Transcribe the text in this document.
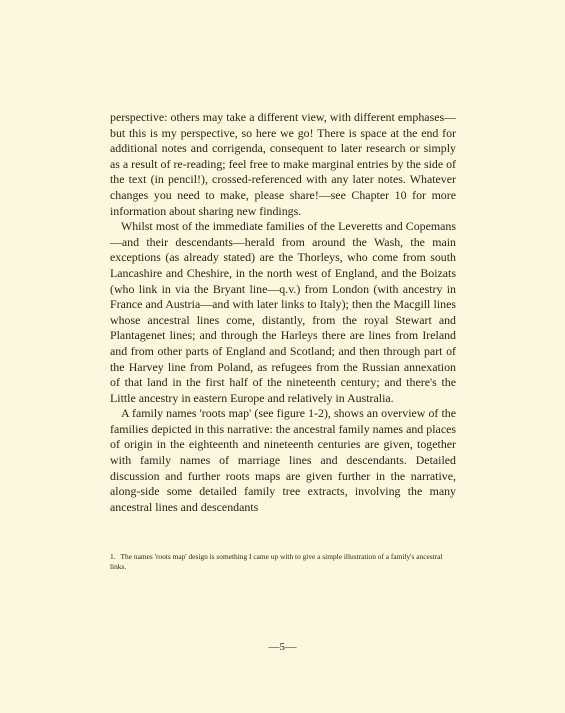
perspective: others may take a different view, with different emphases—but this is my perspective, so here we go! There is space at the end for additional notes and corrigenda, consequent to later research or simply as a result of re-reading; feel free to make marginal entries by the side of the text (in pencil!), crossed-referenced with any later notes. Whatever changes you need to make, please share!—see Chapter 10 for more information about sharing new findings.

Whilst most of the immediate families of the Leveretts and Copemans—and their descendants—herald from around the Wash, the main exceptions (as already stated) are the Thorleys, who come from south Lancashire and Cheshire, in the north west of England, and the Boizats (who link in via the Bryant line—q.v.) from London (with ancestry in France and Austria—and with later links to Italy); then the Macgill lines whose ancestral lines come, distantly, from the royal Stewart and Plantagenet lines; and through the Harleys there are lines from Ireland and from other parts of England and Scotland; and then through part of the Harvey line from Poland, as refugees from the Russian annexation of that land in the first half of the nineteenth century; and there's the Little ancestry in eastern Europe and relatively in Australia.

A family names 'roots map' (see figure 1-2), shows an overview of the families depicted in this narrative: the ancestral family names and places of origin in the eighteenth and nineteenth centuries are given, together with family names of marriage lines and descendants. Detailed discussion and further roots maps are given further in the narrative, along-side some detailed family tree extracts, involving the many ancestral lines and descendants

1. The names 'roots map' design is something I came up with to give a simple illustration of a family's ancestral links.
—5—
